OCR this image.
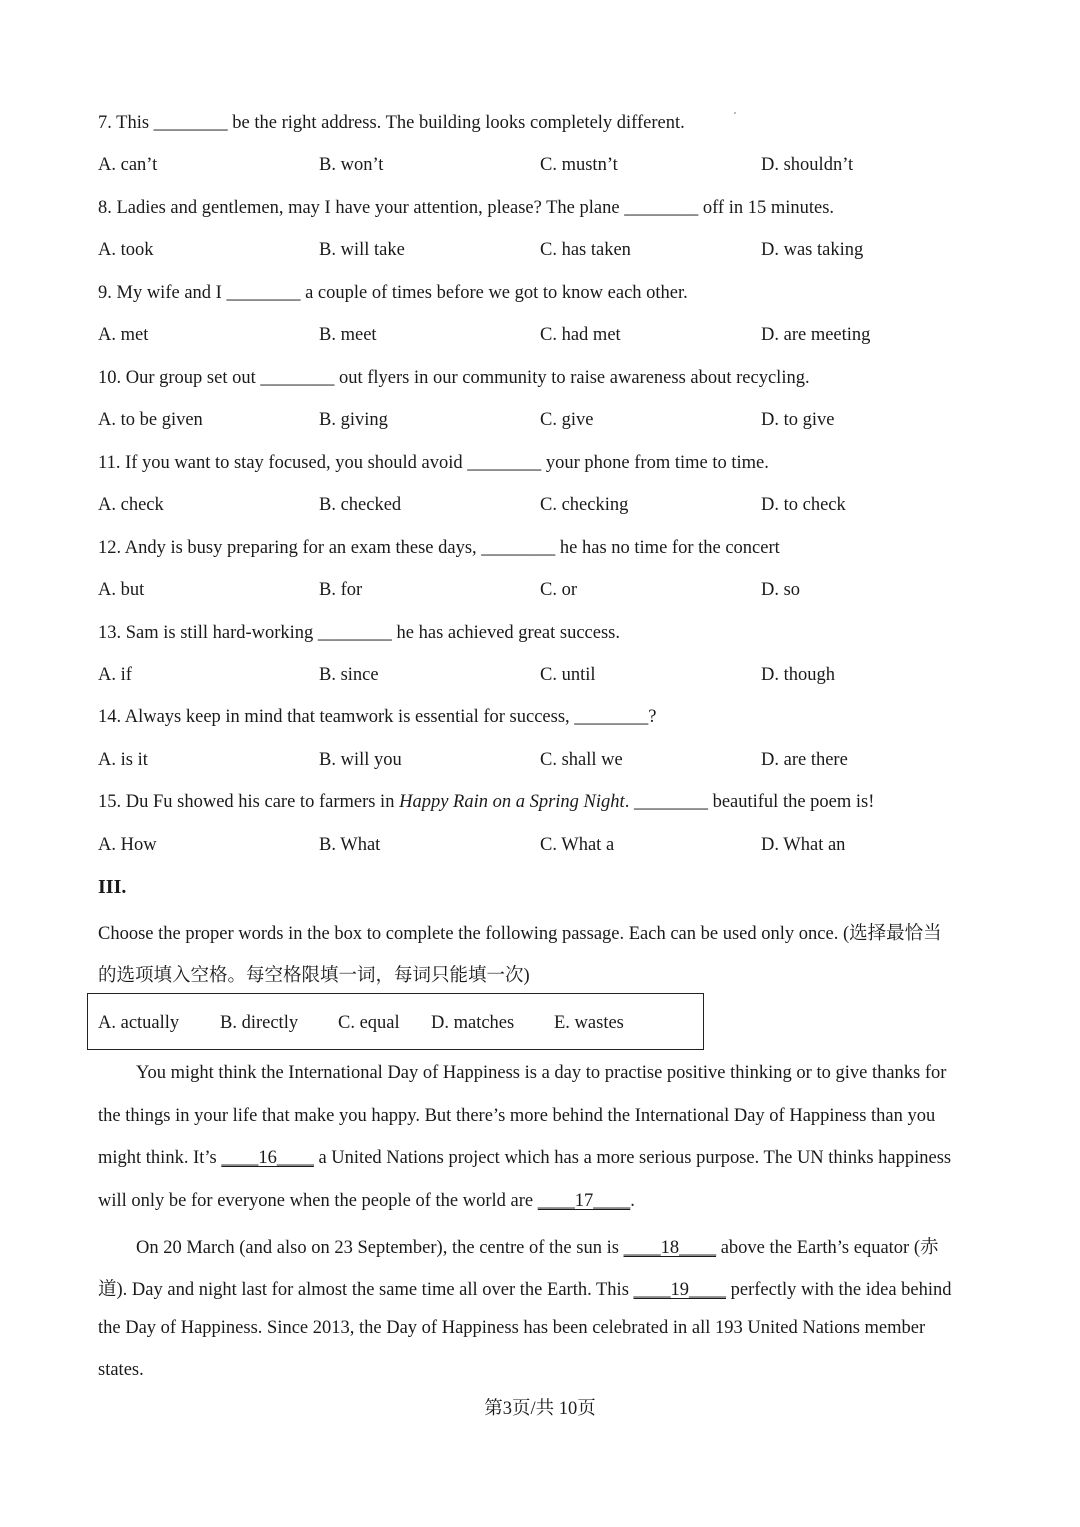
7. This ________ be the right address. The building looks completely different.
A. can’t	B. won’t	C. mustn’t	D. shouldn’t
8. Ladies and gentlemen, may I have your attention, please? The plane ________ off in 15 minutes.
A. took	B. will take	C. has taken	D. was taking
9. My wife and I ________ a couple of times before we got to know each other.
A. met	B. meet	C. had met	D. are meeting
10. Our group set out ________ out flyers in our community to raise awareness about recycling.
A. to be given	B. giving	C. give	D. to give
11. If you want to stay focused, you should avoid ________ your phone from time to time.
A. check	B. checked	C. checking	D. to check
12. Andy is busy preparing for an exam these days, ________ he has no time for the concert
A. but	B. for	C. or	D. so
13. Sam is still hard-working ________ he has achieved great success.
A. if	B. since	C. until	D. though
14. Always keep in mind that teamwork is essential for success, ________?
A. is it	B. will you	C. shall we	D. are there
15. Du Fu showed his care to farmers in Happy Rain on a Spring Night. ________ beautiful the poem is!
A. How	B. What	C. What a	D. What an
III.
Choose the proper words in the box to complete the following passage. Each can be used only once. (选择最恰当
的选项填入空格。每空格限填一词，每词只能填一次)
A. actually B. directly C. equal D. matches E. wastes
You might think the International Day of Happiness is a day to practise positive thinking or to give thanks for
the things in your life that make you happy. But there’s more behind the International Day of Happiness than you
might think. It’s ____16____ a United Nations project which has a more serious purpose. The UN thinks happiness
will only be for everyone when the people of the world are ____17____.
On 20 March (and also on 23 September), the centre of the sun is ____18____ above the Earth’s equator (赤
道). Day and night last for almost the same time all over the Earth. This ____19____ perfectly with the idea behind
the Day of Happiness. Since 2013, the Day of Happiness has been celebrated in all 193 United Nations member
states.
第3页/共 10页
